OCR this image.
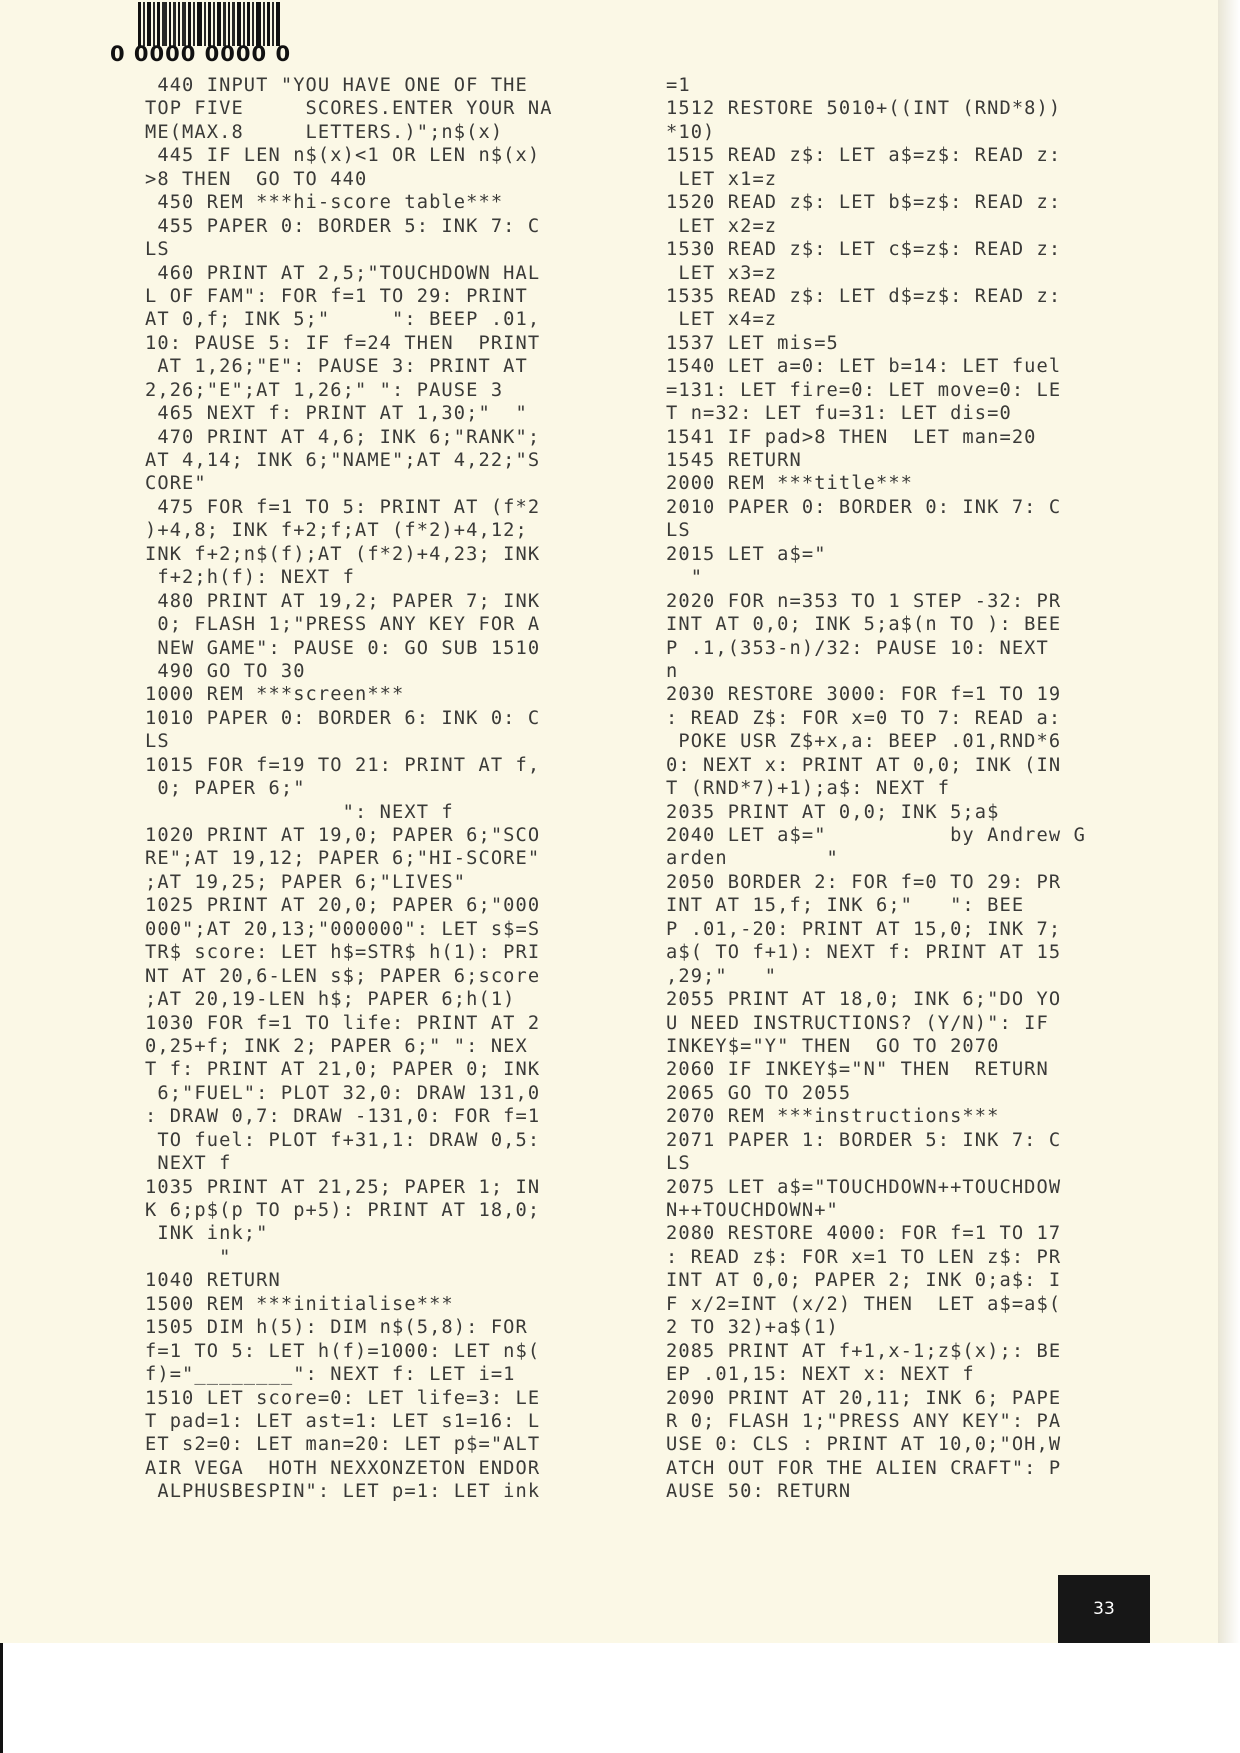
0 0000 0000 0
440 INPUT "YOU HAVE ONE OF THE
TOP FIVE     SCORES.ENTER YOUR NA
ME(MAX.8     LETTERS.)";n$(x)
445 IF LEN n$(x)<1 OR LEN n$(x)
>8 THEN  GO TO 440
450 REM ***hi-score table***
455 PAPER 0: BORDER 5: INK 7: C
LS
460 PRINT AT 2,5;"TOUCHDOWN HAL
L OF FAM": FOR f=1 TO 29: PRINT
AT 0,f; INK 5;"     ": BEEP .01,
10: PAUSE 5: IF f=24 THEN  PRINT
AT 1,26;"E": PAUSE 3: PRINT AT
2,26;"E";AT 1,26;" ": PAUSE 3
465 NEXT f: PRINT AT 1,30;"  "
470 PRINT AT 4,6; INK 6;"RANK";
AT 4,14; INK 6;"NAME";AT 4,22;"S
CORE"
475 FOR f=1 TO 5: PRINT AT (f*2
)+4,8; INK f+2;f;AT (f*2)+4,12;
INK f+2;n$(f);AT (f*2)+4,23; INK
f+2;h(f): NEXT f
480 PRINT AT 19,2; PAPER 7; INK
0; FLASH 1;"PRESS ANY KEY FOR A
NEW GAME": PAUSE 0: GO SUB 1510
490 GO TO 30
1000 REM ***screen***
1010 PAPER 0: BORDER 6: INK 0: C
LS
1015 FOR f=19 TO 21: PRINT AT f,
0; PAPER 6;"
": NEXT f
1020 PRINT AT 19,0; PAPER 6;"SCO
RE";AT 19,12; PAPER 6;"HI-SCORE"
;AT 19,25; PAPER 6;"LIVES"
1025 PRINT AT 20,0; PAPER 6;"000
000";AT 20,13;"000000": LET s$=S
TR$ score: LET h$=STR$ h(1): PRI
NT AT 20,6-LEN s$; PAPER 6;score
;AT 20,19-LEN h$; PAPER 6;h(1)
1030 FOR f=1 TO life: PRINT AT 2
0,25+f; INK 2; PAPER 6;" ": NEX
T f: PRINT AT 21,0; PAPER 0; INK
6;"FUEL": PLOT 32,0: DRAW 131,0
: DRAW 0,7: DRAW -131,0: FOR f=1
TO fuel: PLOT f+31,1: DRAW 0,5:
NEXT f
1035 PRINT AT 21,25; PAPER 1; IN
K 6;p$(p TO p+5): PRINT AT 18,0;
INK ink;"
"
1040 RETURN
1500 REM ***initialise***
1505 DIM h(5): DIM n$(5,8): FOR
f=1 TO 5: LET h(f)=1000: LET n$(
f)="________": NEXT f: LET i=1
1510 LET score=0: LET life=3: LE
T pad=1: LET ast=1: LET s1=16: L
ET s2=0: LET man=20: LET p$="ALT
AIR VEGA  HOTH NEXXONZETON ENDOR
ALPHUSBESPIN": LET p=1: LET ink
=1
1512 RESTORE 5010+((INT (RND*8))
*10)
1515 READ z$: LET a$=z$: READ z:
LET x1=z
1520 READ z$: LET b$=z$: READ z:
LET x2=z
1530 READ z$: LET c$=z$: READ z:
LET x3=z
1535 READ z$: LET d$=z$: READ z:
LET x4=z
1537 LET mis=5
1540 LET a=0: LET b=14: LET fuel
=131: LET fire=0: LET move=0: LE
T n=32: LET fu=31: LET dis=0
1541 IF pad>8 THEN  LET man=20
1545 RETURN
2000 REM ***title***
2010 PAPER 0: BORDER 0: INK 7: C
LS
2015 LET a$="
"
2020 FOR n=353 TO 1 STEP -32: PR
INT AT 0,0; INK 5;a$(n TO ): BEE
P .1,(353-n)/32: PAUSE 10: NEXT
n
2030 RESTORE 3000: FOR f=1 TO 19
: READ Z$: FOR x=0 TO 7: READ a:
POKE USR Z$+x,a: BEEP .01,RND*6
0: NEXT x: PRINT AT 0,0; INK (IN
T (RND*7)+1);a$: NEXT f
2035 PRINT AT 0,0; INK 5;a$
2040 LET a$="          by Andrew G
arden        "
2050 BORDER 2: FOR f=0 TO 29: PR
INT AT 15,f; INK 6;"   ": BEE
P .01,-20: PRINT AT 15,0; INK 7;
a$( TO f+1): NEXT f: PRINT AT 15
,29;"   "
2055 PRINT AT 18,0; INK 6;"DO YO
U NEED INSTRUCTIONS? (Y/N)": IF
INKEY$="Y" THEN  GO TO 2070
2060 IF INKEY$="N" THEN  RETURN
2065 GO TO 2055
2070 REM ***instructions***
2071 PAPER 1: BORDER 5: INK 7: C
LS
2075 LET a$="TOUCHDOWN++TOUCHDOW
N++TOUCHDOWN+"
2080 RESTORE 4000: FOR f=1 TO 17
: READ z$: FOR x=1 TO LEN z$: PR
INT AT 0,0; PAPER 2; INK 0;a$: I
F x/2=INT (x/2) THEN  LET a$=a$(
2 TO 32)+a$(1)
2085 PRINT AT f+1,x-1;z$(x);: BE
EP .01,15: NEXT x: NEXT f
2090 PRINT AT 20,11; INK 6; PAPE
R 0; FLASH 1;"PRESS ANY KEY": PA
USE 0: CLS : PRINT AT 10,0;"OH,W
ATCH OUT FOR THE ALIEN CRAFT": P
AUSE 50: RETURN
33
